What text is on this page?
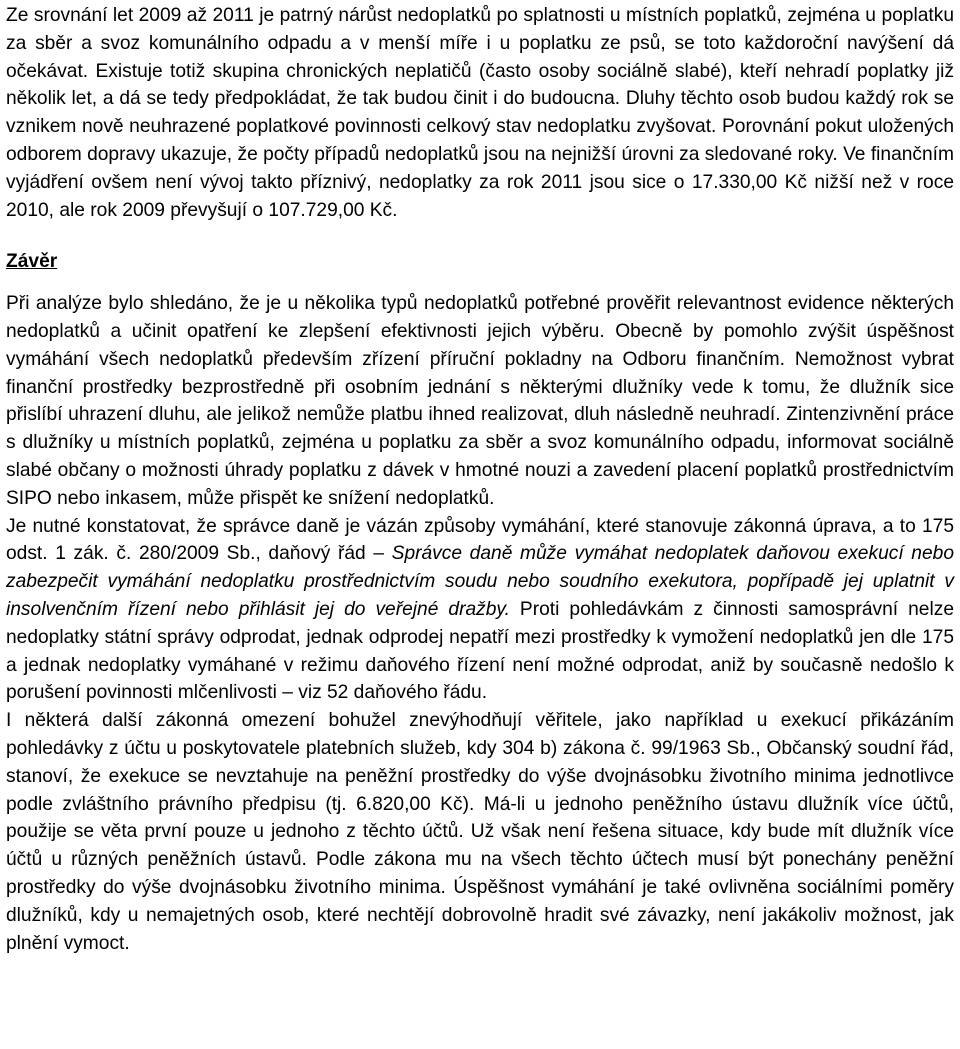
Ze srovnání let 2009 až 2011 je patrný nárůst nedoplatků po splatnosti u místních poplatků, zejména u poplatku za sběr a svoz komunálního odpadu a v menší míře i u poplatku ze psů, se toto každoroční navýšení dá očekávat. Existuje totiž skupina chronických neplatičů (často osoby sociálně slabé), kteří nehradí poplatky již několik let, a dá se tedy předpokládat, že tak budou činit i do budoucna. Dluhy těchto osob budou každý rok se vznikem nově neuhrazené poplatkové povinnosti celkový stav nedoplatku zvyšovat. Porovnání pokut uložených odborem dopravy ukazuje, že počty případů nedoplatků jsou na nejnižší úrovni za sledované roky. Ve finančním vyjádření ovšem není vývoj takto příznivý, nedoplatky za rok 2011 jsou sice o 17.330,00 Kč nižší než v roce 2010, ale rok 2009 převyšují o 107.729,00 Kč.

Závěr

Při analýze bylo shledáno, že je u několika typů nedoplatků potřebné prověřit relevantnost evidence některých nedoplatků a učinit opatření ke zlepšení efektivnosti jejich výběru. Obecně by pomohlo zvýšit úspěšnost vymáhání všech nedoplatků především zřízení příruční pokladny na Odboru finančním. Nemožnost vybrat finanční prostředky bezprostředně při osobním jednání s některými dlužníky vede k tomu, že dlužník sice přislíbí uhrazení dluhu, ale jelikož nemůže platbu ihned realizovat, dluh následně neuhradí. Zintenzivnění práce s dlužníky u místních poplatků, zejména u poplatku za sběr a svoz komunálního odpadu, informovat sociálně slabé občany o možnosti úhrady poplatku z dávek v hmotné nouzi a zavedení placení poplatků prostřednictvím SIPO nebo inkasem, může přispět ke snížení nedoplatků.

Je nutné konstatovat, že správce daně je vázán způsoby vymáhání, které stanovuje zákonná úprava, a to 175 odst. 1 zák. č. 280/2009 Sb., daňový řád – Správce daně může vymáhat nedoplatek daňovou exekucí nebo zabezpečit vymáhání nedoplatku prostřednictvím soudu nebo soudního exekutora, popřípadě jej uplatnit v insolvenčním řízení nebo přihlásit jej do veřejné dražby. Proti pohledávkám z činnosti samosprávní nelze nedoplatky státní správy odprodat, jednak odprodej nepatří mezi prostředky k vymožení nedoplatků jen dle 175 a jednak nedoplatky vymáhané v režimu daňového řízení není možné odprodat, aniž by současně nedošlo k porušení povinnosti mlčenlivosti – viz 52 daňového řádu.

I některá další zákonná omezení bohužel znevýhodňují věřitele, jako například u exekucí přikázáním pohledávky z účtu u poskytovatele platebních služeb, kdy 304 b) zákona č. 99/1963 Sb., Občanský soudní řád, stanoví, že exekuce se nevztahuje na peněžní prostředky do výše dvojnásobku životního minima jednotlivce podle zvláštního právního předpisu (tj. 6.820,00 Kč). Má-li u jednoho peněžního ústavu dlužník více účtů, použije se věta první pouze u jednoho z těchto účtů. Už však není řešena situace, kdy bude mít dlužník více účtů u různých peněžních ústavů. Podle zákona mu na všech těchto účtech musí být ponechány peněžní prostředky do výše dvojnásobku životního minima. Úspěšnost vymáhání je také ovlivněna sociálními poměry dlužníků, kdy u nemajetných osob, které nechtějí dobrovolně hradit své závazky, není jakákoliv možnost, jak plnění vymoct.
